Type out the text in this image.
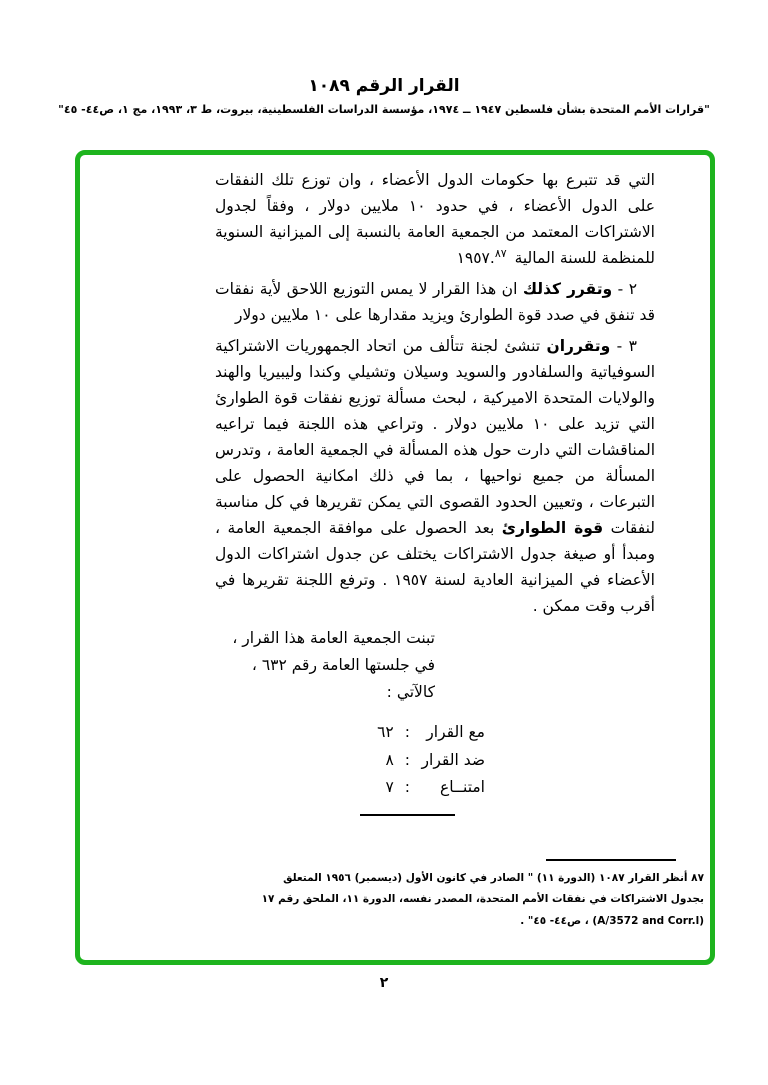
القرار الرقم ١٠٨٩
"قرارات الأمم المتحدة بشأن فلسطين ١٩٤٧ ــ ١٩٧٤، مؤسسة الدراسات الفلسطينية، بيروت، ط ٣، ١٩٩٣، مج ١، ص٤٤- ٤٥"

التي قد تتبرع بها حكومات الدول الأعضاء ، وان توزع تلك النفقات على الدول الأعضاء ، في حدود ١٠ ملايين دولار ، وفقاً لجدول الاشتراكات المعتمد من الجمعية العامة بالنسبة إلى الميزانية السنوية للمنظمة للسنة المالية ١٩٥٧.٨٧

٢ - وتقرر كذلك ان هذا القرار لا يمس التوزيع اللاحق لأية نفقات قد تنفق في صدد قوة الطوارئ ويزيد مقدارها على ١٠ ملايين دولار

٣ - وتقرران تنشئ لجنة تتألف من اتحاد الجمهوريات الاشتراكية السوفياتية والسلفادور والسويد وسيلان وتشيلي وكندا وليبيريا والهند والولايات المتحدة الاميركية ، لبحث مسألة توزيع نفقات قوة الطوارئ التي تزيد على ١٠ ملايين دولار . وتراعي هذه اللجنة فيما تراعيه المناقشات التي دارت حول هذه المسألة في الجمعية العامة ، وتدرس المسألة من جميع نواحيها ، بما في ذلك امكانية الحصول على التبرعات ، وتعيين الحدود القصوى التي يمكن تقريرها في كل مناسبة لنفقات قوة الطوارئ بعد الحصول على موافقة الجمعية العامة ، ومبدأ أو صيغة جدول الاشتراكات يختلف عن جدول اشتراكات الدول الأعضاء في الميزانية العادية لسنة ١٩٥٧ . وترفع اللجنة تقريرها في أقرب وقت ممكن .

تبنت الجمعية العامة هذا القرار ،
في جلستها العامة رقم ٦٣٢ ،
كالآتي :
مع القرار
:
٦٢
ضد القرار
:
٨
امتنــاع
:
٧
٨٧ أنظر القرار ١٠٨٧ (الدورة ١١) " الصادر في كانون الأول (ديسمبر) ١٩٥٦ المتعلق
بجدول الاشتراكات في نفقات الأمم المتحدة، المصدر نفسه، الدورة ١١، الملحق رقم ١٧
(A/3572 and Corr.l) ، ص٤٤- ٤٥" .
٢
